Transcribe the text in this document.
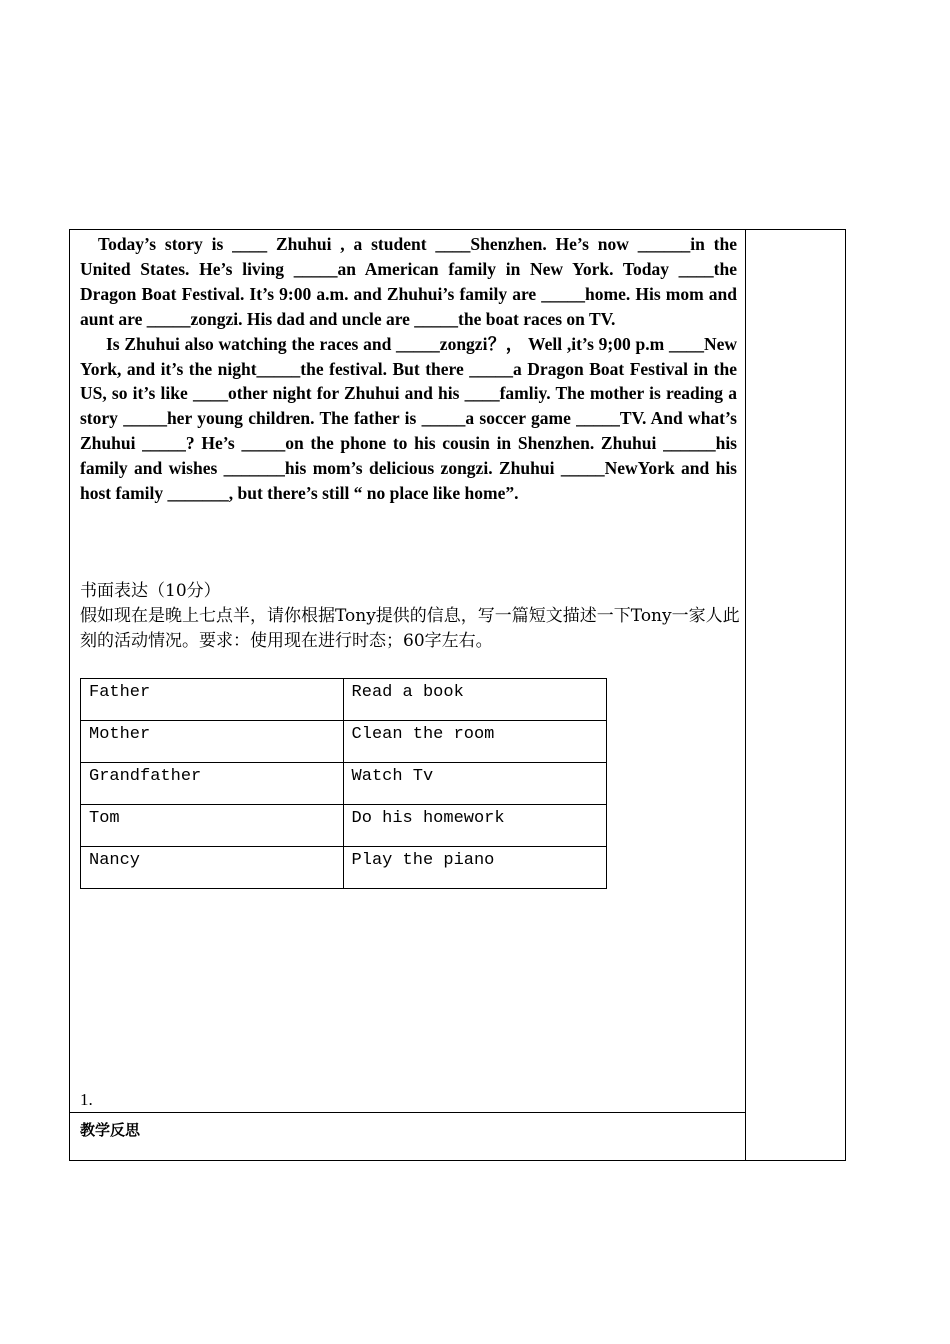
Today’s story is ____ Zhuhui , a student ____Shenzhen. He’s now ______in the United States. He’s living _____an American family in New York. Today ____the Dragon Boat Festival. It’s 9:00 a.m. and Zhuhui’s family are _____home. His mom and aunt are _____zongzi. His dad and uncle are _____the boat races on TV.

Is Zhuhui also watching the races and _____zongzi？， Well ,it’s 9;00 p.m ____New York, and it’s the night_____the festival. But there _____a Dragon Boat Festival in the US, so it’s like ____other night for Zhuhui and his ____famliy. The mother is reading a story _____her young children. The father is _____a soccer game _____TV. And what’s Zhuhui _____? He’s _____on the phone to his cousin in Shenzhen. Zhuhui ______his family and wishes _______his mom’s delicious zongzi. Zhuhui _____NewYork and his host family _______, but there’s still “ no place like home”.

书面表达（10分）
假如现在是晚上七点半，请你根据Tony提供的信息，写一篇短文描述一下Tony一家人此刻的活动情况。要求：使用现在进行时态；60字左右。
Father	Read a book
Mother	Clean the room
Grandfather	Watch Tv
Tom	Do his homework
Nancy	Play the piano
1.
教学反思
